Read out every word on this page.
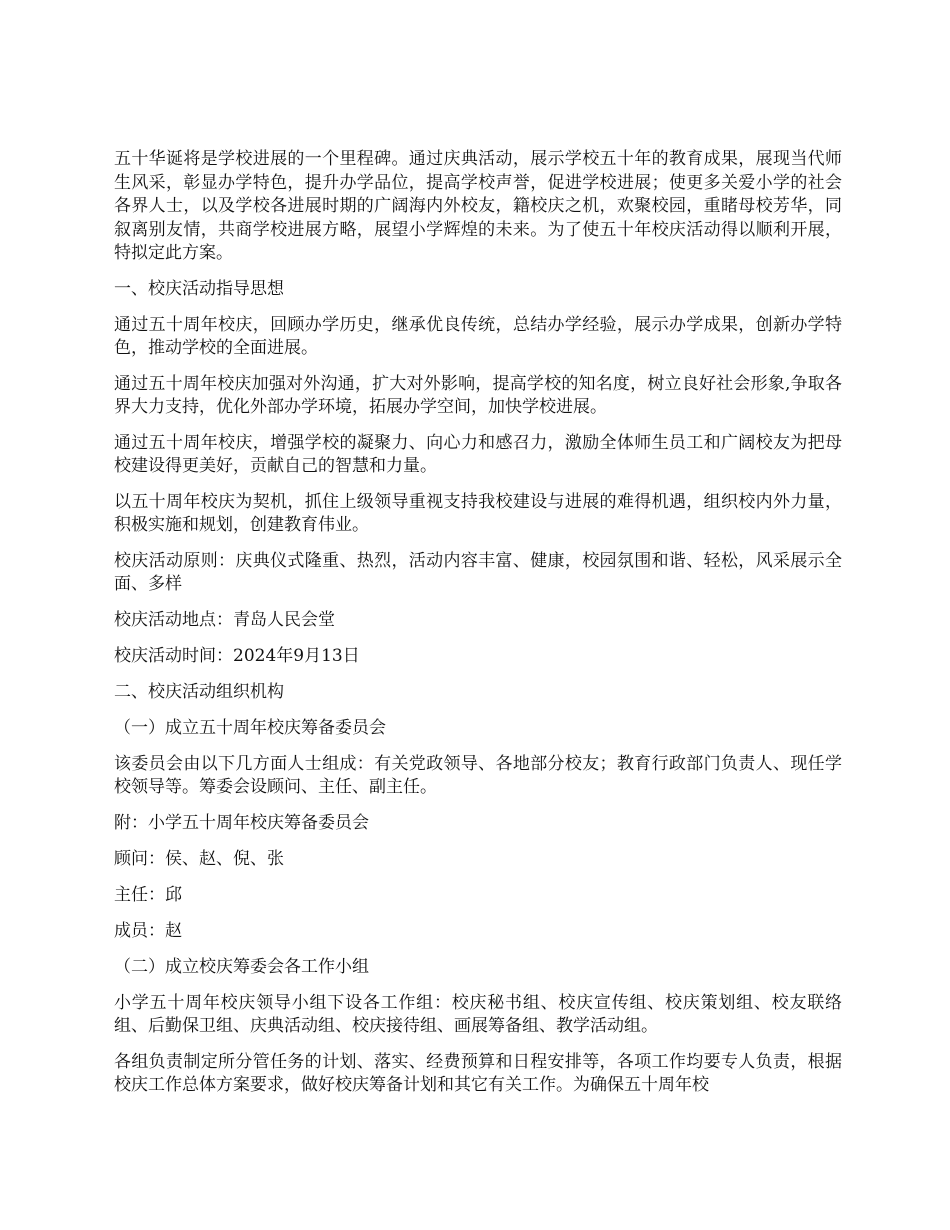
五十华诞将是学校进展的一个里程碑。通过庆典活动，展示学校五十年的教育成果，展现当代师生风采，彰显办学特色，提升办学品位，提高学校声誉，促进学校进展；使更多关爱小学的社会各界人士，以及学校各进展时期的广阔海内外校友，籍校庆之机，欢聚校园，重睹母校芳华，同叙离别友情，共商学校进展方略，展望小学辉煌的未来。为了使五十年校庆活动得以顺利开展，特拟定此方案。

一、校庆活动指导思想

通过五十周年校庆，回顾办学历史，继承优良传统，总结办学经验，展示办学成果，创新办学特色，推动学校的全面进展。

通过五十周年校庆加强对外沟通，扩大对外影响，提高学校的知名度，树立良好社会形象,争取各界大力支持，优化外部办学环境，拓展办学空间，加快学校进展。

通过五十周年校庆，增强学校的凝聚力、向心力和感召力，激励全体师生员工和广阔校友为把母校建设得更美好，贡献自己的智慧和力量。

以五十周年校庆为契机，抓住上级领导重视支持我校建设与进展的难得机遇，组织校内外力量，积极实施和规划，创建教育伟业。

校庆活动原则：庆典仪式隆重、热烈，活动内容丰富、健康，校园氛围和谐、轻松，风采展示全面、多样

校庆活动地点：青岛人民会堂

校庆活动时间：2024年9月13日

二、校庆活动组织机构

（一）成立五十周年校庆筹备委员会

该委员会由以下几方面人士组成：有关党政领导、各地部分校友；教育行政部门负责人、现任学校领导等。筹委会设顾问、主任、副主任。

附：小学五十周年校庆筹备委员会

顾问：侯、赵、倪、张

主任：邱

成员：赵

（二）成立校庆筹委会各工作小组

小学五十周年校庆领导小组下设各工作组：校庆秘书组、校庆宣传组、校庆策划组、校友联络组、后勤保卫组、庆典活动组、校庆接待组、画展筹备组、教学活动组。

各组负责制定所分管任务的计划、落实、经费预算和日程安排等，各项工作均要专人负责，根据校庆工作总体方案要求，做好校庆筹备计划和其它有关工作。为确保五十周年校
